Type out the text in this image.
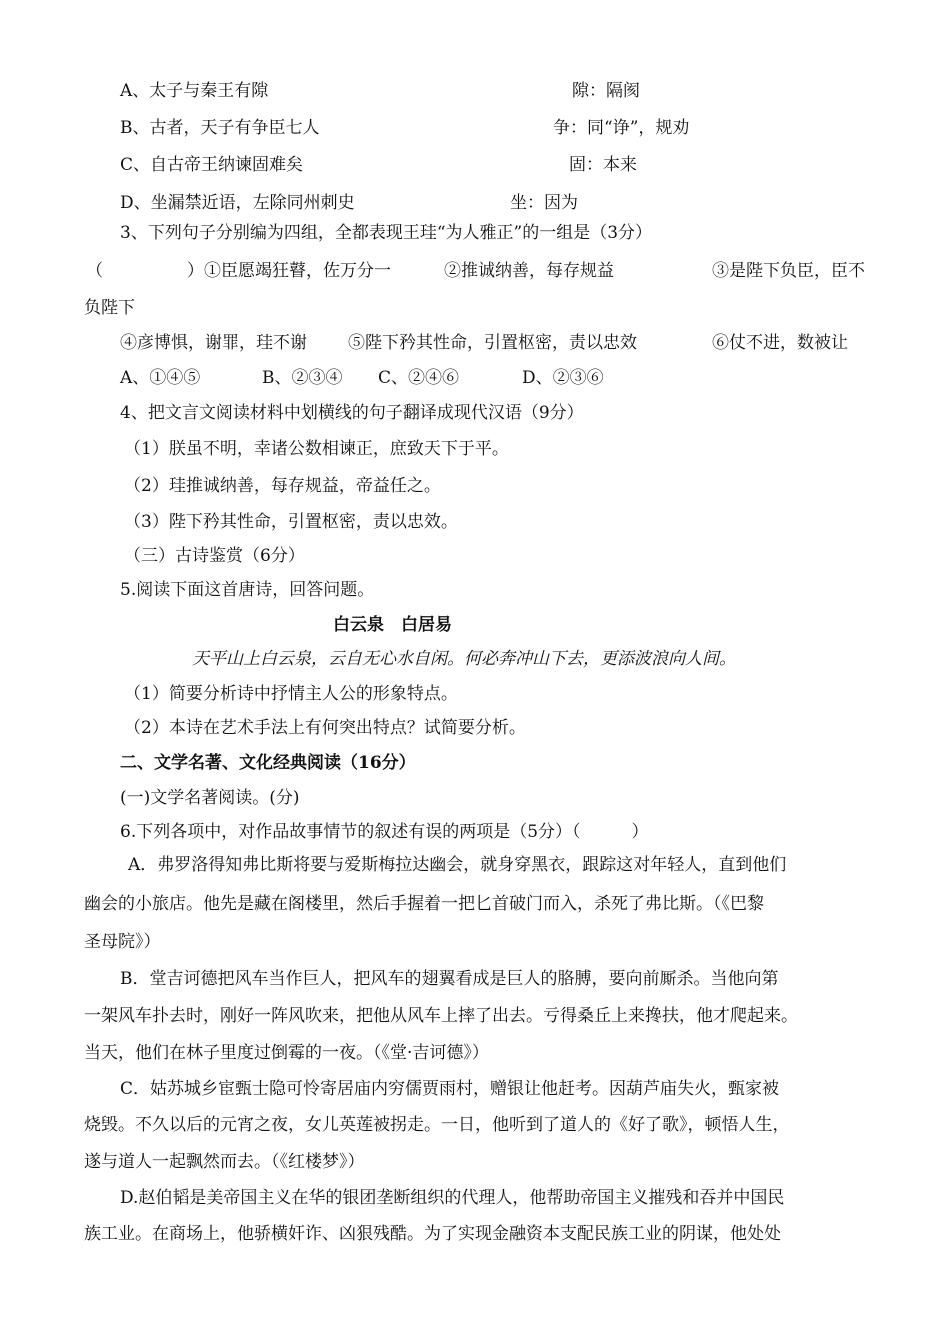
A、太子与秦王有隙	隙：隔阂
B、古者，天子有争臣七人	争：同“诤”，规劝
C、自古帝王纳谏固难矣	固：本来
D、坐漏禁近语，左除同州刺史	坐：因为
3、下列句子分别编为四组，全都表现王珪“为人雅正”的一组是（3分）
（	）①臣愿竭狂瞽，佐万分一	②推诚纳善，每存规益	③是陛下负臣，臣不
负陛下
④彦博惧，谢罪，珪不谢 ⑤陛下矜其性命，引置枢密，责以忠效	⑥仗不进，数被让
A、①④⑤	B、②③④ C、②④⑥	D、②③⑥
4、把文言文阅读材料中划横线的句子翻译成现代汉语（9分）
（1）朕虽不明，幸诸公数相谏正，庶致天下于平。
（2）珪推诚纳善，每存规益，帝益任之。
（3）陛下矜其性命，引置枢密，责以忠效。
（三）古诗鉴赏（6分）
5.阅读下面这首唐诗，回答问题。
白云泉　白居易
天平山上白云泉，云自无心水自闲。何必奔冲山下去，更添波浪向人间。
（1）简要分析诗中抒情主人公的形象特点。
（2）本诗在艺术手法上有何突出特点？试简要分析。
二、文学名著、文化经典阅读（16分）
(一)文学名著阅读。(分)
6.下列各项中，对作品故事情节的叙述有误的两项是（5分）（　　　）
A．弗罗洛得知弗比斯将要与爱斯梅拉达幽会，就身穿黑衣，跟踪这对年轻人，直到他们
幽会的小旅店。他先是藏在阁楼里，然后手握着一把匕首破门而入，杀死了弗比斯。（《巴黎
圣母院》）
B．堂吉诃德把风车当作巨人，把风车的翅翼看成是巨人的胳膊，要向前厮杀。当他向第
一架风车扑去时，刚好一阵风吹来，把他从风车上摔了出去。亏得桑丘上来搀扶，他才爬起来。
当天，他们在林子里度过倒霉的一夜。（《堂·吉诃德》）
C．姑苏城乡宦甄士隐可怜寄居庙内穷儒贾雨村，赠银让他赶考。因葫芦庙失火，甄家被
烧毁。不久以后的元宵之夜，女儿英莲被拐走。一日，他听到了道人的《好了歌》，顿悟人生，
遂与道人一起飘然而去。（《红楼梦》）
D.赵伯韬是美帝国主义在华的银团垄断组织的代理人，他帮助帝国主义摧残和吞并中国民
族工业。在商场上，他骄横奸诈、凶狠残酷。为了实现金融资本支配民族工业的阴谋，他处处
